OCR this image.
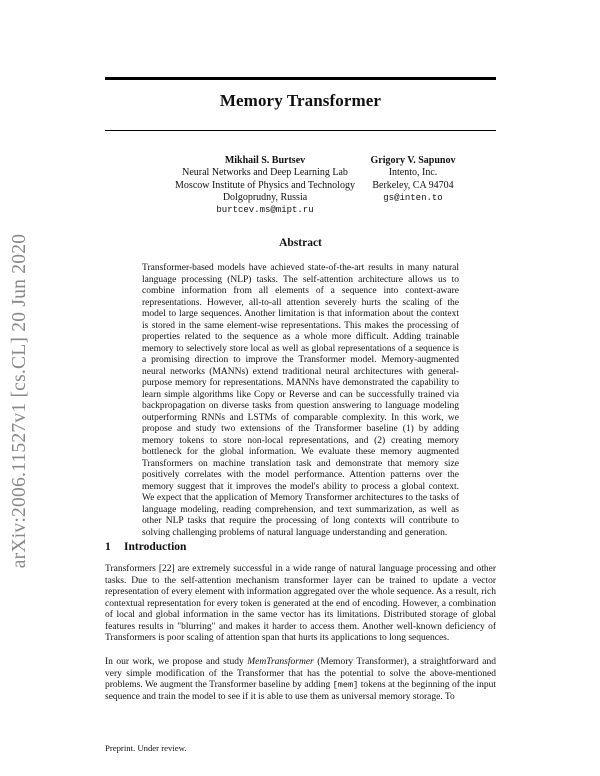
arXiv:2006.11527v1 [cs.CL] 20 Jun 2020
Memory Transformer
Mikhail S. Burtsev
Neural Networks and Deep Learning Lab
Moscow Institute of Physics and Technology
Dolgoprudny, Russia
burtcev.ms@mipt.ru
Grigory V. Sapunov
Intento, Inc.
Berkeley, CA 94704
gs@inten.to
Abstract

Transformer-based models have achieved state-of-the-art results in many natural language processing (NLP) tasks. The self-attention architecture allows us to combine information from all elements of a sequence into context-aware representations. However, all-to-all attention severely hurts the scaling of the model to large sequences. Another limitation is that information about the context is stored in the same element-wise representations. This makes the processing of properties related to the sequence as a whole more difficult. Adding trainable memory to selectively store local as well as global representations of a sequence is a promising direction to improve the Transformer model. Memory-augmented neural networks (MANNs) extend traditional neural architectures with general-purpose memory for representations. MANNs have demonstrated the capability to learn simple algorithms like Copy or Reverse and can be successfully trained via backpropagation on diverse tasks from question answering to language modeling outperforming RNNs and LSTMs of comparable complexity. In this work, we propose and study two extensions of the Transformer baseline (1) by adding memory tokens to store non-local representations, and (2) creating memory bottleneck for the global information. We evaluate these memory augmented Transformers on machine translation task and demonstrate that memory size positively correlates with the model performance. Attention patterns over the memory suggest that it improves the model's ability to process a global context. We expect that the application of Memory Transformer architectures to the tasks of language modeling, reading comprehension, and text summarization, as well as other NLP tasks that require the processing of long contexts will contribute to solving challenging problems of natural language understanding and generation.

1 Introduction

Transformers [22] are extremely successful in a wide range of natural language processing and other tasks. Due to the self-attention mechanism transformer layer can be trained to update a vector representation of every element with information aggregated over the whole sequence. As a result, rich contextual representation for every token is generated at the end of encoding. However, a combination of local and global information in the same vector has its limitations. Distributed storage of global features results in "blurring" and makes it harder to access them. Another well-known deficiency of Transformers is poor scaling of attention span that hurts its applications to long sequences.

In our work, we propose and study MemTransformer (Memory Transformer), a straightforward and very simple modification of the Transformer that has the potential to solve the above-mentioned problems. We augment the Transformer baseline by adding [mem] tokens at the beginning of the input sequence and train the model to see if it is able to use them as universal memory storage. To

Preprint. Under review.
